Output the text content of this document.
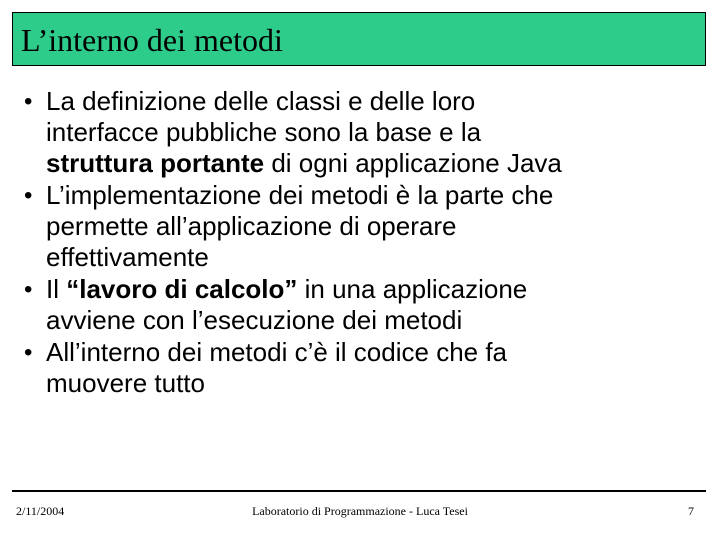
L’interno dei metodi
• La definizione delle classi e delle loro
interfacce pubbliche sono la base e la
struttura portante di ogni applicazione Java
• L’implementazione dei metodi è la parte che
permette all’applicazione di operare
effettivamente
• Il “lavoro di calcolo” in una applicazione
avviene con l’esecuzione dei metodi
• All’interno dei metodi c’è il codice che fa
muovere tutto
2/11/2004	Laboratorio di Programmazione - Luca Tesei	7
